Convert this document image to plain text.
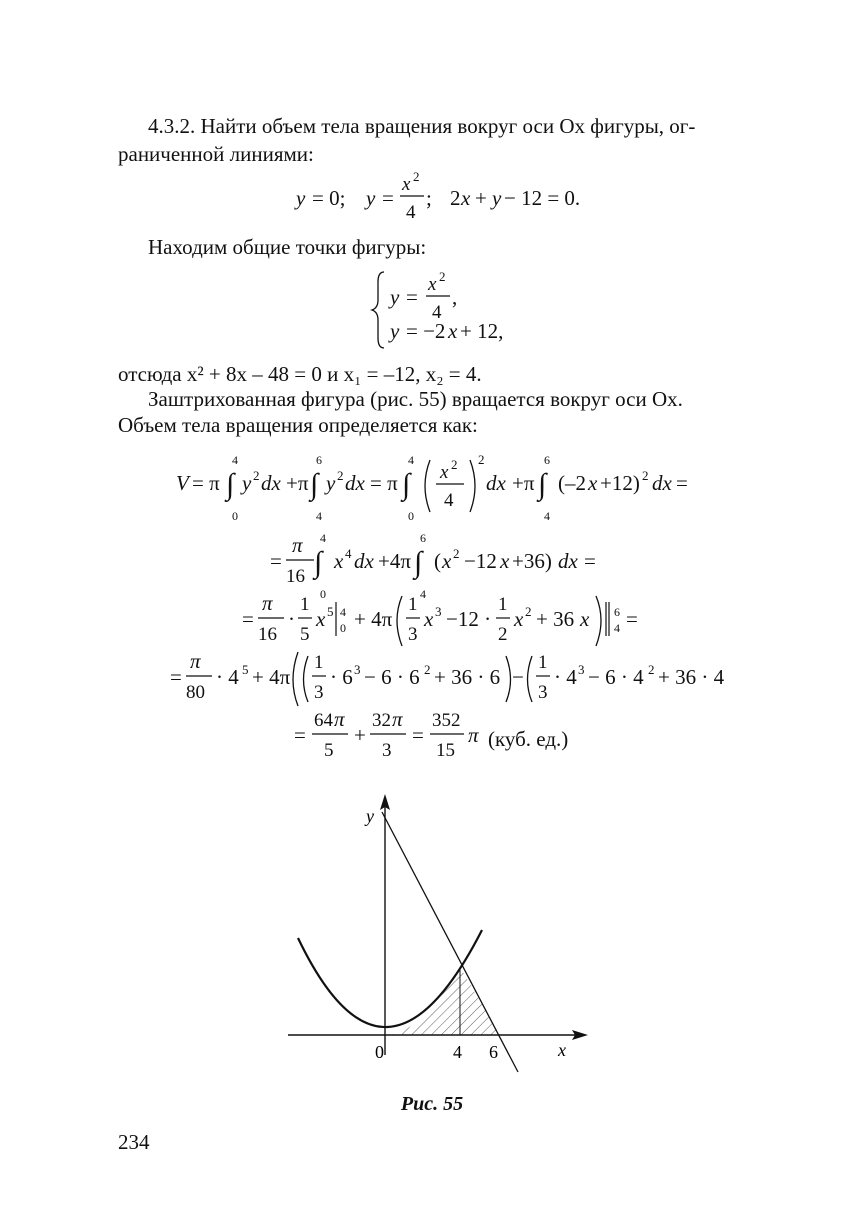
4.3.2. Найти объем тела вращения вокруг оси Ox фигуры, ог-
раниченной линиями:
y = 0; y =
x 2
4
; 2 x + y − 12 = 0.
Находим общие точки фигуры:
y =
x 2
4
,
y = −2 x + 12,
отсюда x² + 8x – 48 = 0 и x₁ = –12, x₂ = 4.
Заштрихованная фигура (рис. 55) вращается вокруг оси Ox.
Объем тела вращения определяется как:
V = π ∫
4
0
y 2 dx +π ∫
6
4
y 2 dx = π ∫
4
0
x 2
4
2
dx +π ∫
6
4
(–2 x +12) 2 dx =
=
π
16 ∫
4
0
x 4 dx +4π ∫
6
4
( x 2 −12 x +36) dx =
=
π
16
·
1
5
x 5 4
0 + 4π
1
3
x 3 −12 ·
1
2
x 2 + 36 x 6
4 =
=
π
80
· 4 5 + 4π
1
3
· 6 3 − 6 · 6 2 + 36 · 6 −
1
3
· 4 3 − 6 · 4 2 + 36 · 4
=
64 π
5
+
32 π
3
=
352
15
π (куб. ед.)
y
x
0	4 6
Рис. 55
234
